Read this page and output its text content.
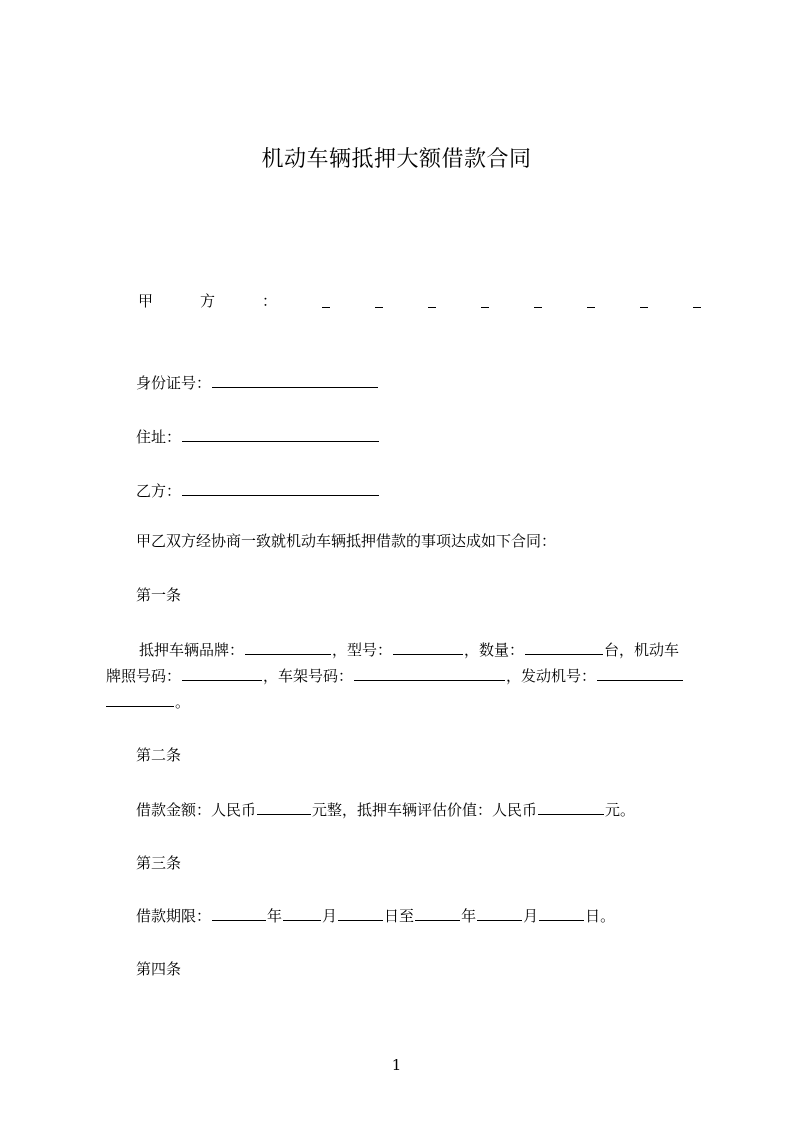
机动车辆抵押大额借款合同
甲	方	：
身份证号：
住址：
乙方：
甲乙双方经协商一致就机动车辆抵押借款的事项达成如下合同：
第一条
抵押车辆品牌：	，型号：	，数量：	台，机动车
牌照号码：	，车架号码：	，发动机号：
。
第二条
借款金额：人民币	元整，抵押车辆评估价值：人民币	元。
第三条
借款期限：	年	月	日至	年	月	日。
第四条
1
